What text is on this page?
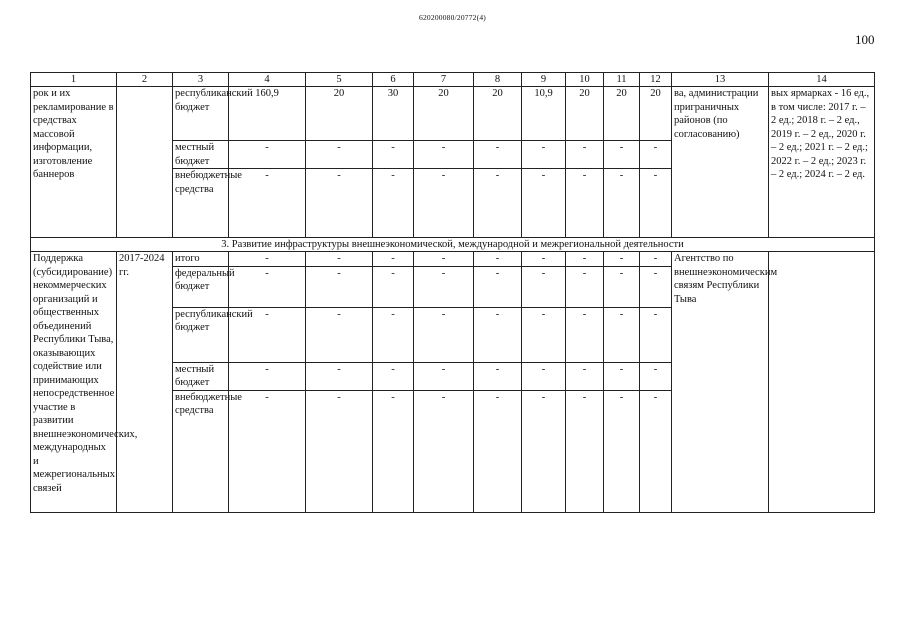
620200080/20772(4)
100
1	2	3	4	5	6	7	8	9	10	11	12	13	14
рок и их рекламирование в средствах массовой информации, изготовление баннеров		республиканский бюджет	160,9	20	30	20	20	10,9	20	20	20	ва, администрации приграничных районов (по согласованию)	вых ярмарках - 16 ед., в том числе: 2017 г. – 2 ед.; 2018 г. – 2 ед., 2019 г. – 2 ед., 2020 г. – 2 ед.; 2021 г. – 2 ед.; 2022 г. – 2 ед.; 2023 г. – 2 ед.; 2024 г. – 2 ед.
		местный бюджет	-	-	-	-	-	-	-	-	-		
		внебюджетные средства	-	-	-	-	-	-	-	-	-		
3. Развитие инфраструктуры внешнеэкономической, международной и межрегиональной деятельности													
Поддержка (субсидирование) некоммерческих организаций и общественных объединений Республики Тыва, оказывающих содействие или принимающих непосредственное участие в развитии внешнеэкономических, международных и межрегиональных связей	2017-2024 гг.	итого	-	-	-	-	-	-	-	-	-	Агентство по внешнеэкономическим связям Республики Тыва	
		федеральный бюджет	-	-	-	-	-	-	-	-	-		
		республиканский бюджет	-	-	-	-	-	-	-	-	-		
		местный бюджет	-	-	-	-	-	-	-	-	-		
		внебюджетные средства	-	-	-	-	-	-	-	-	-		
